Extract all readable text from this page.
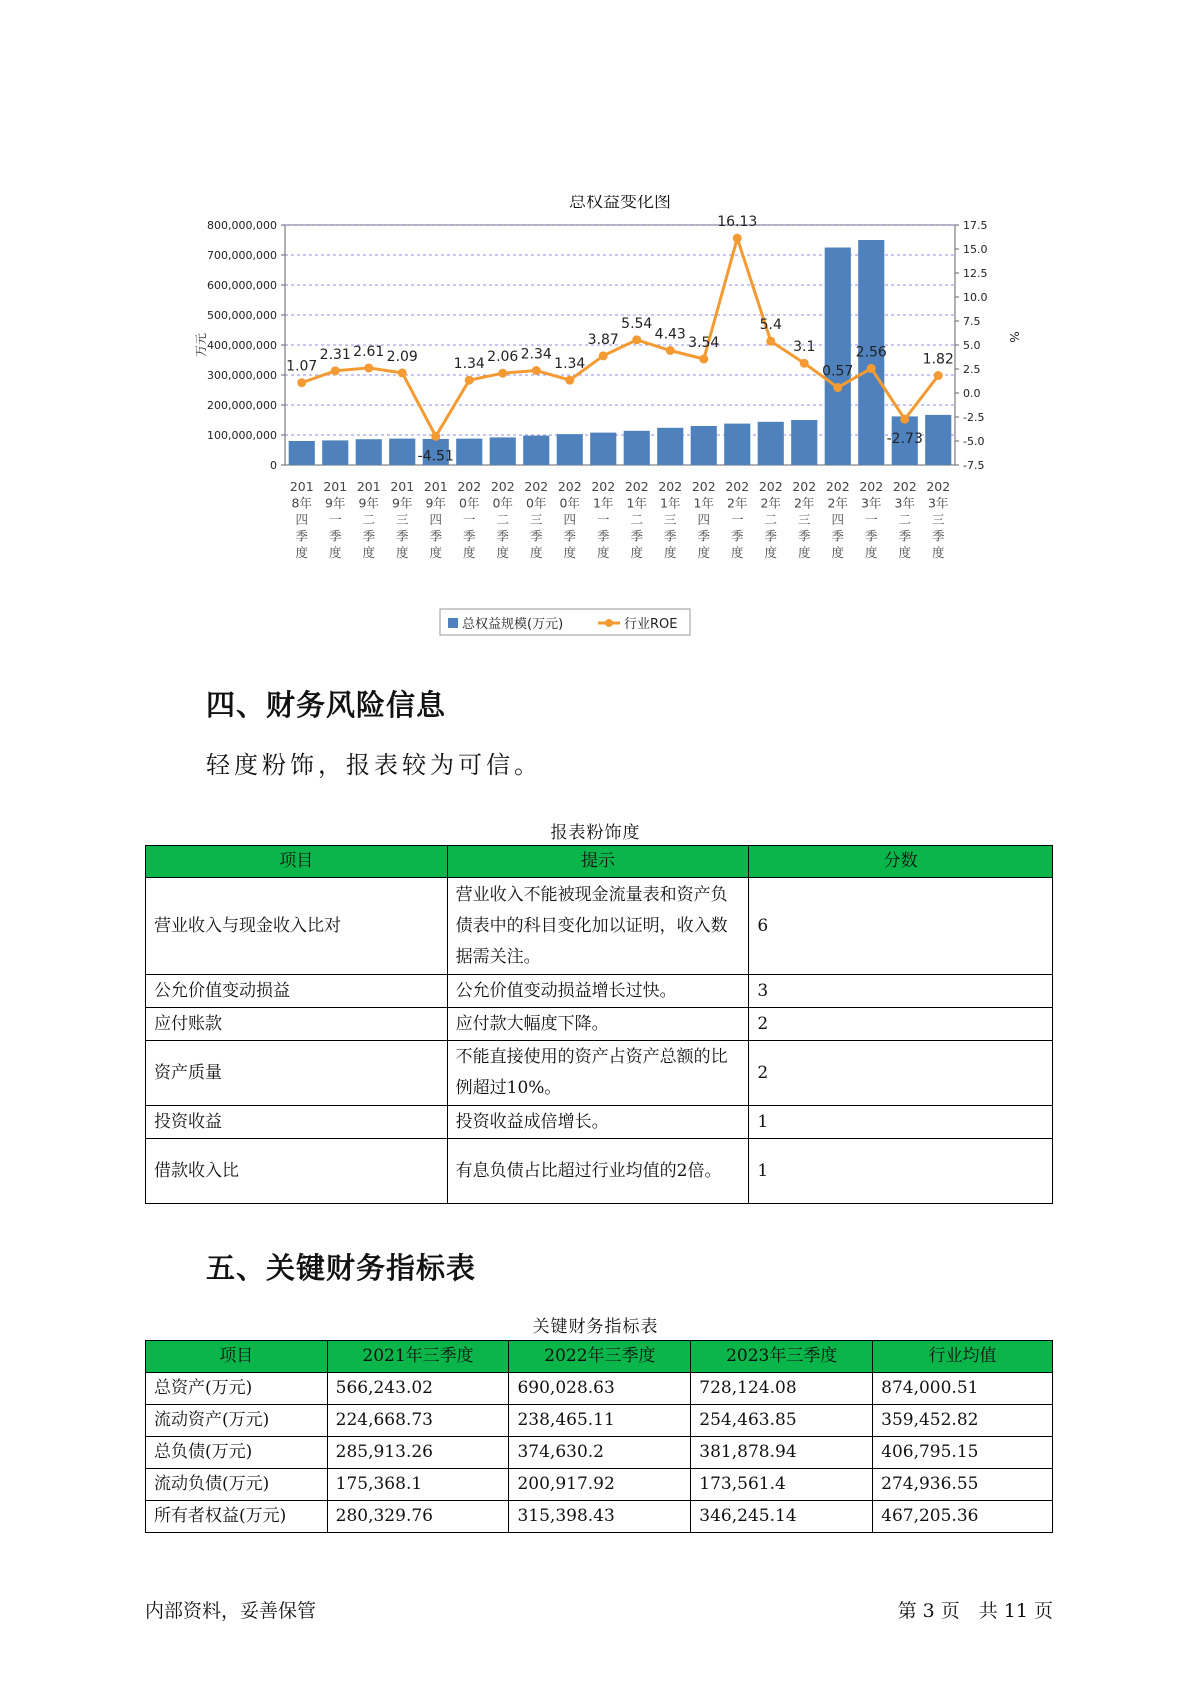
总权益变化图
0
100,000,000
200,000,000
300,000,000
400,000,000
500,000,000
600,000,000
700,000,000
800,000,000
-7.5
-5.0
-2.5
0.0
2.5
5.0
7.5
10.0
12.5
15.0
17.5
万元	%
201
8年
四
季
度
201
9年
一
季
度
201
9年
二
季
度
201
9年
三
季
度
201
9年
四
季
度
202
0年
一
季
度
202
0年
二
季
度
202
0年
三
季
度
202
0年
四
季
度
202
1年
一
季
度
202
1年
二
季
度
202
1年
三
季
度
202
1年
四
季
度
202
2年
一
季
度
202
2年
二
季
度
202
2年
三
季
度
202
2年
四
季
度
202
3年
一
季
度
202
3年
二
季
度
202
3年
三
季
度
1.07
2.31 2.61 2.09
-4.51
1.34 2.06 2.34
1.34
3.87
5.54
4.43
3.54
16.13
5.4
3.1
0.57
2.56
-2.73
1.82
总权益规模(万元)	行业ROE
四、财务风险信息
轻度粉饰，报表较为可信。
报表粉饰度
项目	提示	分数
营业收入与现金收入比对	营业收入不能被现金流量表和资产负债表中的科目变化加以证明，收入数据需关注。	6
公允价值变动损益	公允价值变动损益增长过快。	3
应付账款	应付款大幅度下降。	2
资产质量	不能直接使用的资产占资产总额的比例超过10%。	2
投资收益	投资收益成倍增长。	1
借款收入比	有息负债占比超过行业均值的2倍。	1
五、关键财务指标表
关键财务指标表
项目	2021年三季度	2022年三季度	2023年三季度	行业均值
总资产(万元)	566,243.02	690,028.63	728,124.08	874,000.51
流动资产(万元)	224,668.73	238,465.11	254,463.85	359,452.82
总负债(万元)	285,913.26	374,630.2	381,878.94	406,795.15
流动负债(万元)	175,368.1	200,917.92	173,561.4	274,936.55
所有者权益(万元)	280,329.76	315,398.43	346,245.14	467,205.36
内部资料，妥善保管	第 3 页　共 11 页
